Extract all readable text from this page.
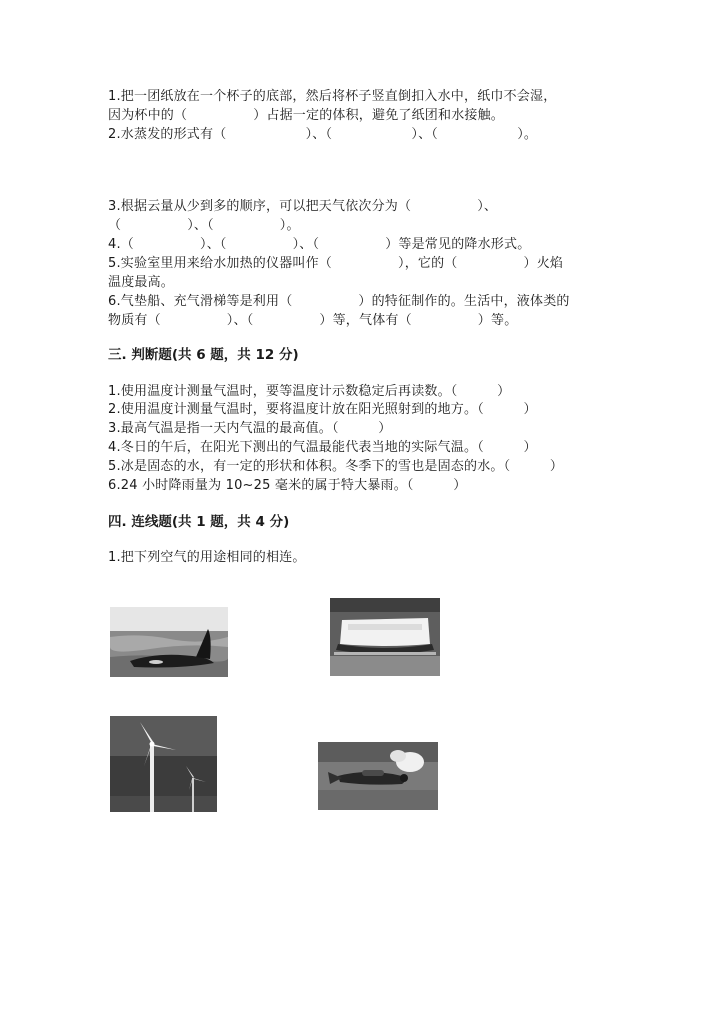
1.把一团纸放在一个杯子的底部，然后将杯子竖直倒扣入水中，纸巾不会湿，
因为杯中的（　　　　　）占据一定的体积，避免了纸团和水接触。
2.水蒸发的形式有（　　　　　　）、（　　　　　　）、（　　　　　　）。
3.根据云量从少到多的顺序，可以把天气依次分为（　　　　　）、
（　　　　　）、（　　　　　）。
4.（　　　　　）、（　　　　　）、（　　　　　）等是常见的降水形式。
5.实验室里用来给水加热的仪器叫作（　　　　　），它的（　　　　　）火焰
温度最高。
6.气垫船、充气滑梯等是利用（　　　　　）的特征制作的。生活中，液体类的
物质有（　　　　　）、（　　　　　）等，气体有（　　　　　）等。
三. 判断题(共 6 题，共 12 分)
1.使用温度计测量气温时，要等温度计示数稳定后再读数。（　　　）
2.使用温度计测量气温时，要将温度计放在阳光照射到的地方。（　　　）
3.最高气温是指一天内气温的最高值。（　　　）
4.冬日的午后，在阳光下测出的气温最能代表当地的实际气温。（　　　）
5.冰是固态的水，有一定的形状和体积。冬季下的雪也是固态的水。（　　　）
6.24 小时降雨量为 10~25 毫米的属于特大暴雨。（　　　）
四. 连线题(共 1 题，共 4 分)
1.把下列空气的用途相同的相连。
